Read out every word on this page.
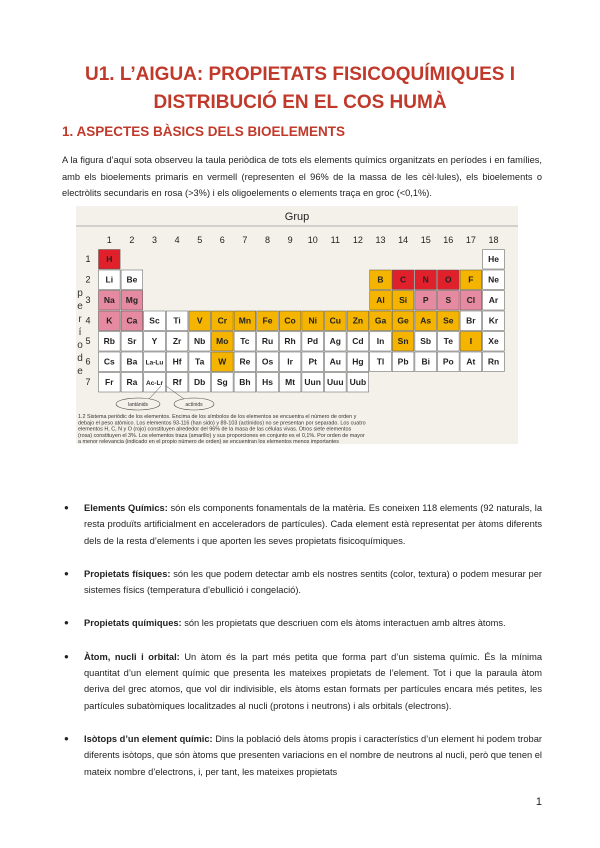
U1. L’AIGUA: PROPIETATS FISICOQUÍMIQUES I
DISTRIBUCIÓ EN EL COS HUMÀ
1. ASPECTES BÀSICS DELS BIOELEMENTS
A la figura d’aquí sota observeu la taula periòdica de tots els elements químics organitzats en períodes i en famílies, amb els bioelements primaris en vermell (representen el 96% de la massa de les cèl·lules), els bioelements o electròlits secundaris en rosa (>3%) i els oligoelements o elements traça en groc (<0,1%).
Grup
1 2 3 4 5 6 7 8 9 10 11 12 13 14 15 16 17 18
1
2
3
4
5
6
7
p
e
r
í
o
d
e
H	He
Li Be	B C N O F Ne
Na Mg	Al Si P S Cl Ar
K Ca Sc Ti V Cr Mn Fe Co Ni Cu Zn Ga Ge As Se Br Kr
Rb Sr Y Zr Nb Mo Tc Ru Rh Pd Ag Cd In Sn Sb Te I Xe
Cs Ba La-Lu Hf Ta W Re Os Ir Pt Au Hg Tl Pb Bi Po At Rn
Fr Ra Ac-Lr Rf Db Sg Bh Hs Mt Uun Uuu Uub
lantànids	actínids
1.2 Sistema periòdic de los elementos. Encima de los símbolos de los elementos se encuentra el número de orden y debajo el peso atómico. Los elementos 93-116 (han sido) y 89-103 (actínidos) no se presentan por separado. Los cuatro elementos H, C, N y O (rojo) constituyen alrededor del 96% de la masa de las células vivas. Otros siete elementos (rosa) constituyen el 3%. Los elementos traza (amarillo) y sus proporciones en conjunto es el 0,1%. Por orden de mayor a menor relevancia (indicado en el propio número de orden) se encuentran los elementos menos importantes
● Elements Químics: són els components fonamentals de la matèria. Es coneixen 118 elements (92 naturals, la resta produïts artificialment en acceleradors de partícules). Cada element està representat per àtoms diferents dels de la resta d’elements i que aporten les seves propietats fisicoquímiques.
● Propietats físiques: són les que podem detectar amb els nostres sentits (color, textura) o podem mesurar per sistemes físics (temperatura d’ebullició i congelació).
● Propietats químiques: són les propietats que descriuen com els àtoms interactuen amb altres àtoms.
● Àtom, nucli i orbital: Un àtom és la part més petita que forma part d’un sistema químic. És la mínima quantitat d’un element químic que presenta les mateixes propietats de l’element. Tot i que la paraula àtom deriva del grec atomos, que vol dir indivisible, els àtoms estan formats per partícules encara més petites, les partícules subatòmiques localitzades al nucli (protons i neutrons) i als orbitals (electrons).
● Isòtops d’un element químic: Dins la població dels àtoms propis i característics d’un element hi podem trobar diferents isòtops, que són àtoms que presenten variacions en el nombre de neutrons al nucli, però que tenen el mateix nombre d’electrons, i, per tant, les mateixes propietats
1
